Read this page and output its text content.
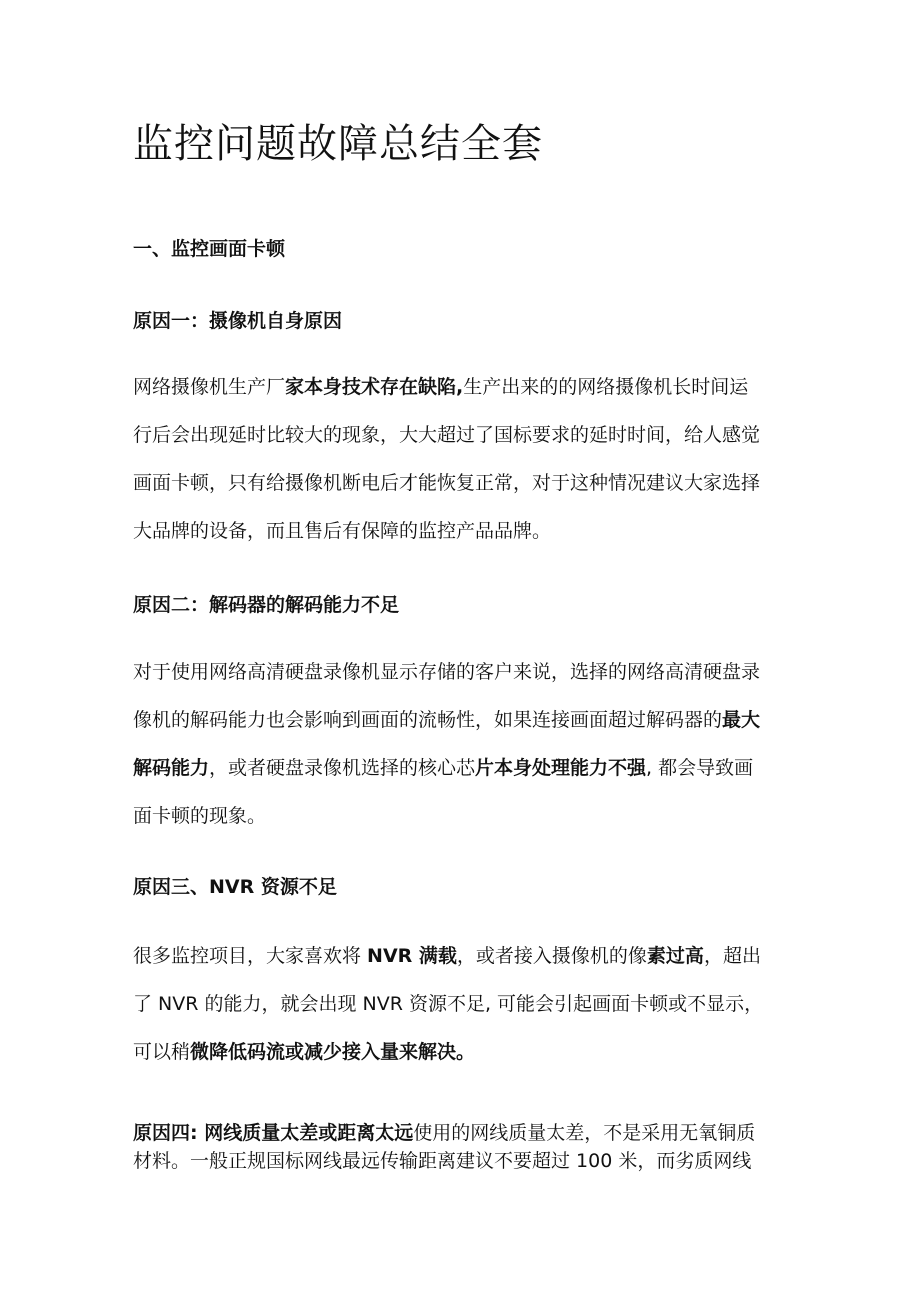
监控问题故障总结全套
一、监控画面卡顿
原因一：摄像机自身原因
网络摄像机生产厂家本身技术存在缺陷,生产出来的的网络摄像机长时间运
行后会出现延时比较大的现象，大大超过了国标要求的延时时间，给人感觉
画面卡顿，只有给摄像机断电后才能恢复正常，对于这种情况建议大家选择
大品牌的设备，而且售后有保障的监控产品品牌。
原因二：解码器的解码能力不足
对于使用网络高清硬盘录像机显示存储的客户来说，选择的网络高清硬盘录
像机的解码能力也会影响到画面的流畅性，如果连接画面超过解码器的最大
解码能力，或者硬盘录像机选择的核心芯片本身处理能力不强, 都会导致画
面卡顿的现象。
原因三、NVR 资源不足
很多监控项目，大家喜欢将 NVR 满载，或者接入摄像机的像素过高，超出
了 NVR 的能力，就会出现 NVR 资源不足, 可能会引起画面卡顿或不显示，
可以稍微降低码流或减少接入量来解决。
原因四: 网线质量太差或距离太远使用的网线质量太差，不是采用无氧铜质
材料。一般正规国标网线最远传输距离建议不要超过 100 米，而劣质网线
